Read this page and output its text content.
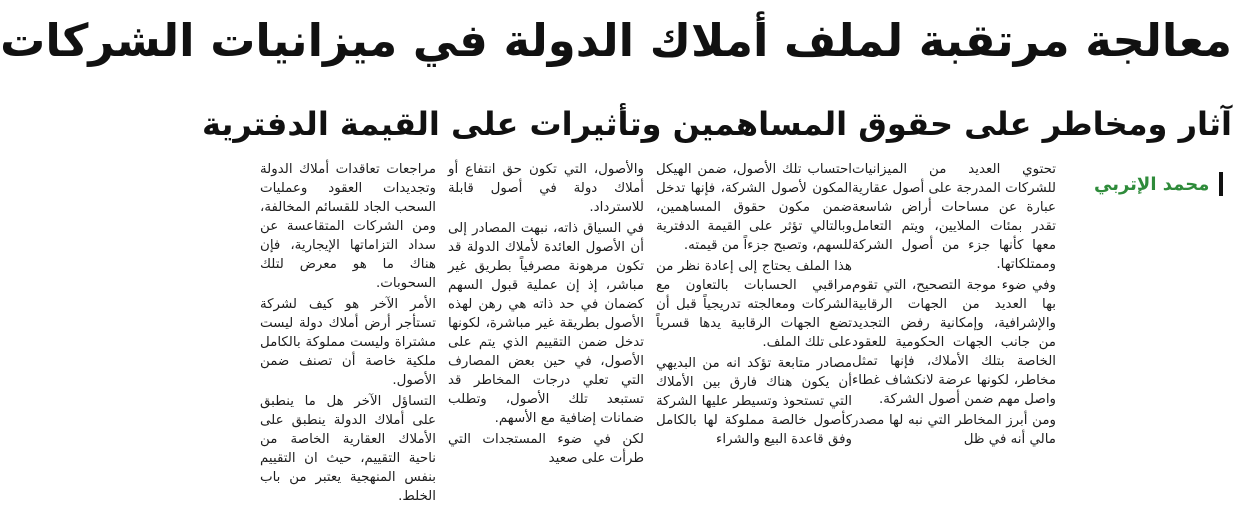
معالجة مرتقبة لملف أملاك الدولة في ميزانيات الشركات
آثار ومخاطر على حقوق المساهمين وتأثيرات على القيمة الدفترية
محمد الإتربي

تحتوي العديد من الميزانيات للشركات المدرجة على أصول عقارية عبارة عن مساحات أراض شاسعة تقدر بمئات الملايين، ويتم التعامل معها كأنها جزء من أصول الشركة وممتلكاتها.

وفي ضوء موجة التصحيح، التي تقوم بها العديد من الجهات الرقابية والإشرافية، وإمكانية رفض التجديد من جانب الجهات الحكومية للعقود الخاصة بتلك الأملاك، فإنها تمثل مخاطر، لكونها عرضة لانكشاف غطاء واصل مهم ضمن أصول الشركة.

ومن أبرز المخاطر التي نبه لها مصدر مالي أنه في ظل

احتساب تلك الأصول، ضمن الهيكل المكون لأصول الشركة، فإنها تدخل ضمن مكون حقوق المساهمين، وبالتالي تؤثر على القيمة الدفترية للسهم، وتصبح جزءاً من قيمته.

هذا الملف يحتاج إلى إعادة نظر من مراقبي الحسابات بالتعاون مع الشركات ومعالجته تدريجياً قبل أن تضع الجهات الرقابية يدها قسرياً على تلك الملف.

مصادر متابعة تؤكد انه من البديهي أن يكون هناك فارق بين الأملاك التي تستحوذ وتسيطر عليها الشركة كأصول خالصة مملوكة لها بالكامل وفق قاعدة البيع والشراء

والأصول، التي تكون حق انتفاع أو أملاك دولة في أصول قابلة للاسترداد.

في السياق ذاته، نبهت المصادر إلى أن الأصول العائدة لأملاك الدولة قد تكون مرهونة مصرفياً بطريق غير مباشر، إذ إن عملية قبول السهم كضمان في حد ذاته هي رهن لهذه الأصول بطريقة غير مباشرة، لكونها تدخل ضمن التقييم الذي يتم على الأصول، في حين بعض المصارف التي تعلي درجات المخاطر قد تستبعد تلك الأصول، وتطلب ضمانات إضافية مع الأسهم.

لكن في ضوء المستجدات التي طرأت على صعيد

مراجعات تعاقدات أملاك الدولة وتجديدات العقود وعمليات السحب الجاد للقسائم المخالفة، ومن الشركات المتقاعسة عن سداد التزاماتها الإيجارية، فإن هناك ما هو معرض لتلك السحوبات.

الأمر الآخر هو كيف لشركة تستأجر أرض أملاك دولة ليست مشتراة وليست مملوكة بالكامل ملكية خاصة أن تصنف ضمن الأصول.

التساؤل الآخر هل ما ينطبق على أملاك الدولة ينطبق على الأملاك العقارية الخاصة من ناحية التقييم، حيث ان التقييم بنفس المنهجية يعتبر من باب الخلط.
